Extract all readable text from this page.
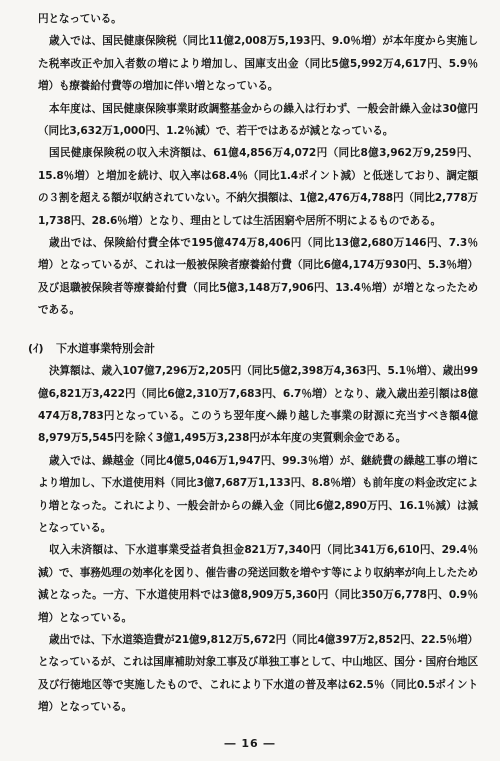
円となっている。

歳入では、国民健康保険税（同比11億2,008万5,193円、9.0％増）が本年度から実施した税率改正や加入者数の増により増加し、国庫支出金（同比5億5,992万4,617円、5.9％増）も療養給付費等の増加に伴い増となっている。

本年度は、国民健康保険事業財政調整基金からの繰入は行わず、一般会計繰入金は30億円（同比3,632万1,000円、1.2％減）で、若干ではあるが減となっている。

国民健康保険税の収入未済額は、61億4,856万4,072円（同比8億3,962万9,259円、15.8％増）と増加を続け、収入率は68.4％（同比1.4ポイント減）と低迷しており、調定額の３割を超える額が収納されていない。不納欠損額は、1億2,476万4,788円（同比2,778万1,738円、28.6％増）となり、理由としては生活困窮や居所不明によるものである。

歳出では、保険給付費全体で195億474万8,406円（同比13億2,680万146円、7.3％増）となっているが、これは一般被保険者療養給付費（同比6億4,174万930円、5.3％増）及び退職被保険者等療養給付費（同比5億3,148万7,906円、13.4％増）が増となったためである。

(ｲ) 下水道事業特別会計

決算額は、歳入107億7,296万2,205円（同比5億2,398万4,363円、5.1％増）、歳出99億6,821万3,422円（同比6億2,310万7,683円、6.7％増）となり、歳入歳出差引額は8億474万8,783円となっている。このうち翌年度へ繰り越した事業の財源に充当すべき額4億8,979万5,545円を除く3億1,495万3,238円が本年度の実質剰余金である。

歳入では、繰越金（同比4億5,046万1,947円、99.3％増）が、継続費の繰越工事の増により増加し、下水道使用料（同比3億7,687万1,133円、8.8％増）も前年度の料金改定により増となった。これにより、一般会計からの繰入金（同比6億2,890万円、16.1％減）は減となっている。

収入未済額は、下水道事業受益者負担金821万7,340円（同比341万6,610円、29.4％減）で、事務処理の効率化を図り、催告書の発送回数を増やす等により収納率が向上したため減となった。一方、下水道使用料では3億8,909万5,360円（同比350万6,778円、0.9％増）となっている。

歳出では、下水道築造費が21億9,812万5,672円（同比4億397万2,852円、22.5％増）となっているが、これは国庫補助対象工事及び単独工事として、中山地区、国分・国府台地区及び行徳地区等で実施したもので、これにより下水道の普及率は62.5％（同比0.5ポイント増）となっている。

― 16 ―
